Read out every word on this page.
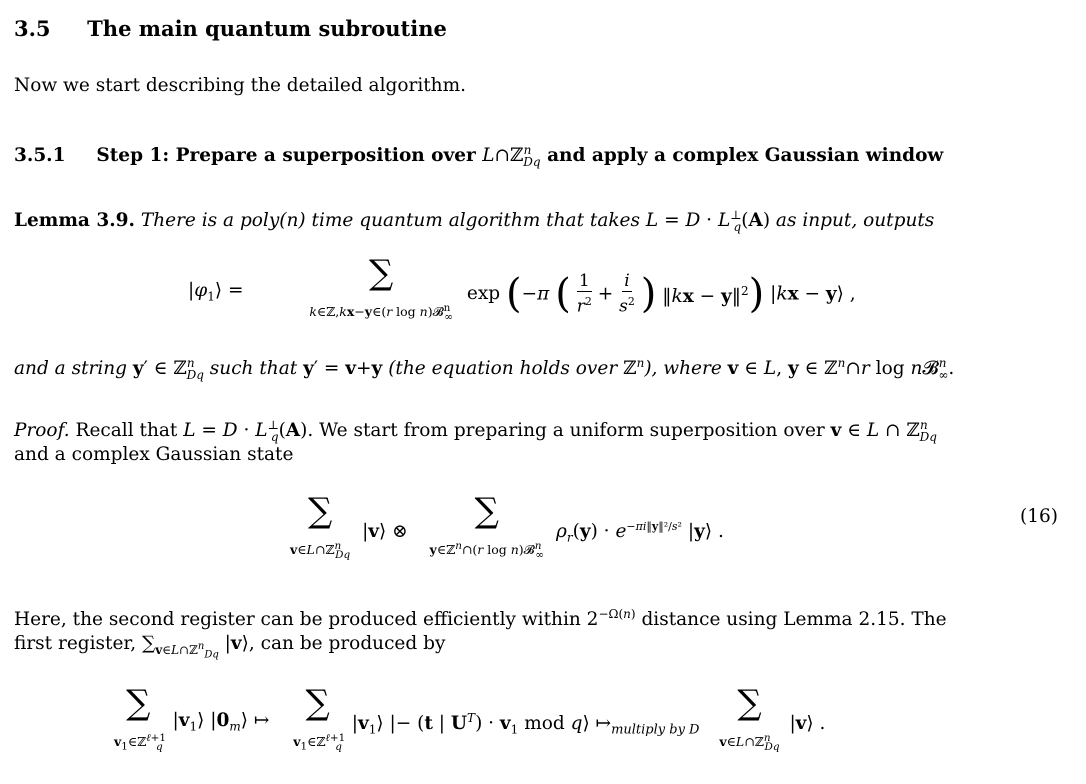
3.5 The main quantum subroutine
Now we start describing the detailed algorithm.
3.5.1 Step 1: Prepare a superposition over L∩ℤ$^n_{Dq}$ and apply a complex Gaussian window
Lemma 3.9. There is a poly(n) time quantum algorithm that takes $L = D \cdot L^\perp_q(A)$ as input, outputs
$|\varphi_1⟩$ =	∑
k∈ℤ,kx−y∈(r log n)𝓑$^n_\infty$
exp (−π ( $\frac{1}{r^2} + \frac{i}{s^2}$ ) ‖kx − y‖$^2$) |kx − y⟩ ,
and a string y′ ∈ ℤ$^n_{Dq}$ such that y′ = v+y (the equation holds over ℤ$^n$), where v ∈ L, y ∈ ℤ$^n$∩r log n𝓑$^n_\infty$.
Proof. Recall that $L = D \cdot L^\perp_q(A)$. We start from preparing a uniform superposition over v ∈ L ∩ ℤ$^n_{Dq}$
and a complex Gaussian state
∑
v∈L∩ℤ$^n_{Dq}$
|v⟩ ⊗
∑
y∈ℤ$^n$∩(r log n)𝓑$^n_\infty$
$\rho_r(y) \cdot e^{-\pi i‖y‖^2/s^2}$ |y⟩ .
(16)
Here, the second register can be produced efficiently within $2^{-\Omega(n)}$ distance using Lemma 2.15. The
first register, $\sum_{v\in L\cap ℤ^n_{Dq}}$ |v⟩, can be produced by
∑
$v_1\in ℤ^{\ell+1}_q$
$|v_1⟩$ $|0_m⟩$ ↦ ∑
$v_1\in ℤ^{\ell+1}_q$
$|v_1⟩$ |− (t | $U^T) \cdot v_1$ mod q⟩ $↦_{multiply by D}$
∑
v∈L∩ℤ$^n_{Dq}$
|v⟩ .
